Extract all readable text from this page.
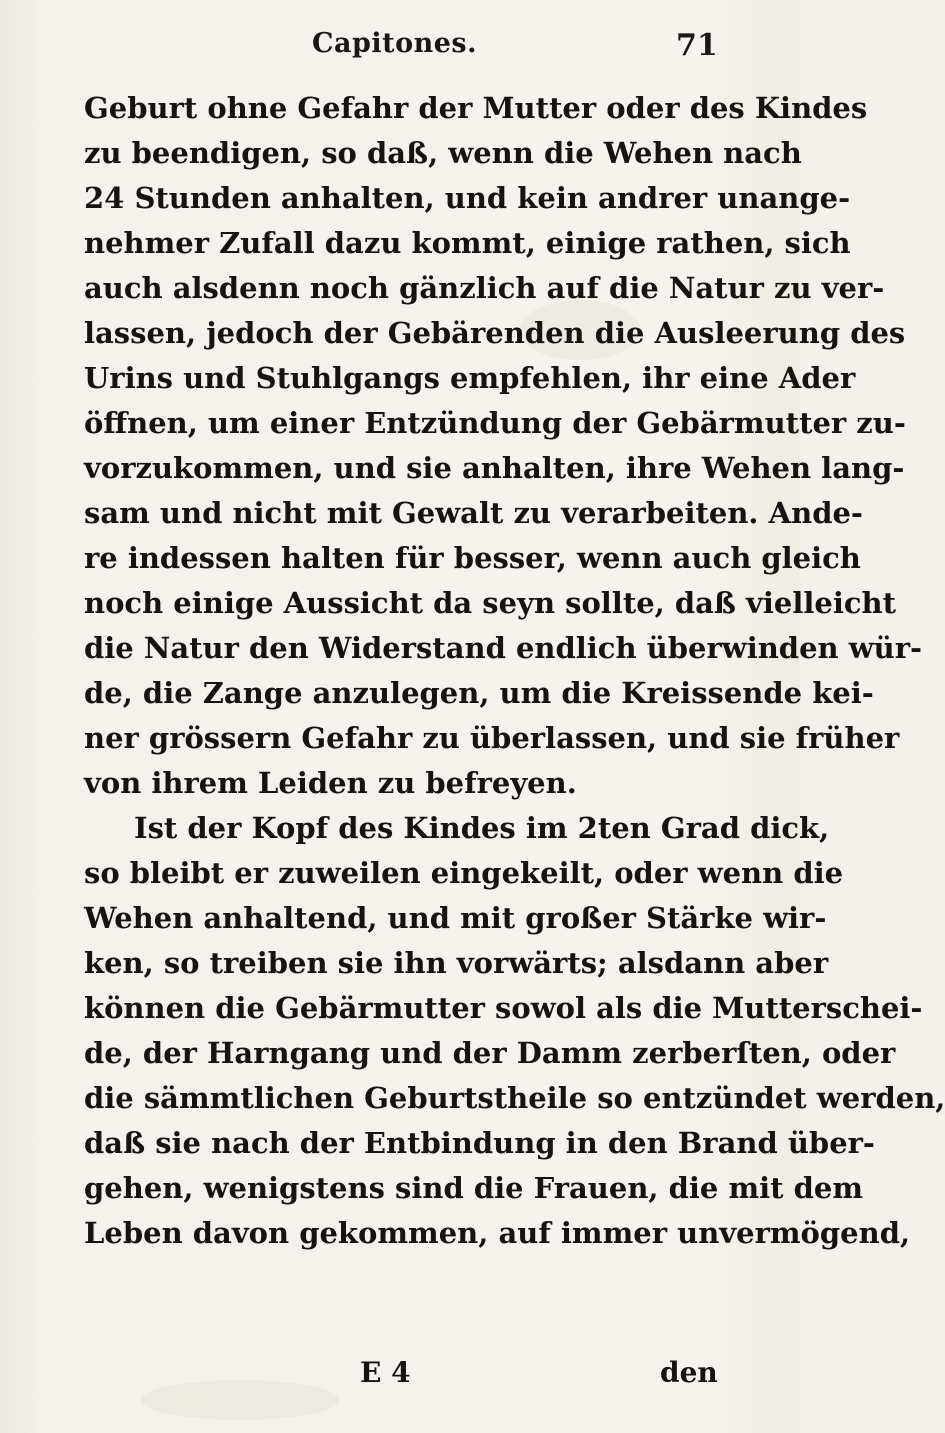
Capitones.	71
Geburt ohne Gefahr der Mutter oder des Kindes
zu beendigen, so daß, wenn die Wehen nach
24 Stunden anhalten, und kein andrer unange-
nehmer Zufall dazu kommt, einige rathen, sich
auch alsdenn noch gänzlich auf die Natur zu ver-
lassen, jedoch der Gebärenden die Ausleerung des
Urins und Stuhlgangs empfehlen, ihr eine Ader
öffnen, um einer Entzündung der Gebärmutter zu-
vorzukommen, und sie anhalten, ihre Wehen lang-
sam und nicht mit Gewalt zu verarbeiten. Ande-
re indessen halten für besser, wenn auch gleich
noch einige Aussicht da seyn sollte, daß vielleicht
die Natur den Widerstand endlich überwinden wür-
de, die Zange anzulegen, um die Kreissende kei-
ner grössern Gefahr zu überlassen, und sie früher
von ihrem Leiden zu befreyen.
Ist der Kopf des Kindes im 2ten Grad dick,
so bleibt er zuweilen eingekeilt, oder wenn die
Wehen anhaltend, und mit großer Stärke wir-
ken, so treiben sie ihn vorwärts; alsdann aber
können die Gebärmutter sowol als die Mutterschei-
de, der Harngang und der Damm zerberſten, oder
die sämmtlichen Geburtstheile so entzündet werden,
daß sie nach der Entbindung in den Brand über-
gehen, wenigstens sind die Frauen, die mit dem
Leben davon gekommen, auf immer unvermögend,
E 4	den
